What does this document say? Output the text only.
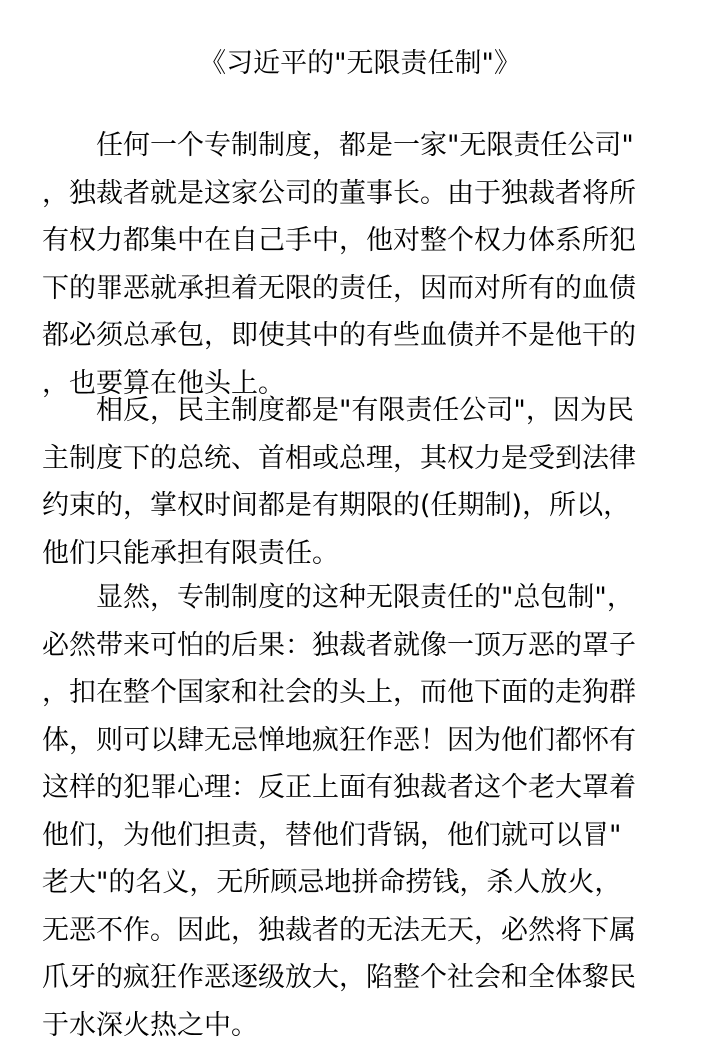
《习近平的"无限责任制"》
　　任何一个专制制度，都是一家"无限责任公司"
，独裁者就是这家公司的董事长。由于独裁者将所
有权力都集中在自己手中，他对整个权力体系所犯
下的罪恶就承担着无限的责任，因而对所有的血债
都必须总承包，即使其中的有些血债并不是他干的
，也要算在他头上。
　　相反，民主制度都是"有限责任公司"，因为民
主制度下的总统、首相或总理，其权力是受到法律
约束的，掌权时间都是有期限的(任期制)，所以，
他们只能承担有限责任。
　　显然，专制制度的这种无限责任的"总包制"，
必然带来可怕的后果：独裁者就像一顶万恶的罩子
，扣在整个国家和社会的头上，而他下面的走狗群
体，则可以肆无忌惮地疯狂作恶！因为他们都怀有
这样的犯罪心理：反正上面有独裁者这个老大罩着
他们，为他们担责，替他们背锅，他们就可以冒"
老大"的名义，无所顾忌地拼命捞钱，杀人放火，
无恶不作。因此，独裁者的无法无天，必然将下属
爪牙的疯狂作恶逐级放大，陷整个社会和全体黎民
于水深火热之中。
